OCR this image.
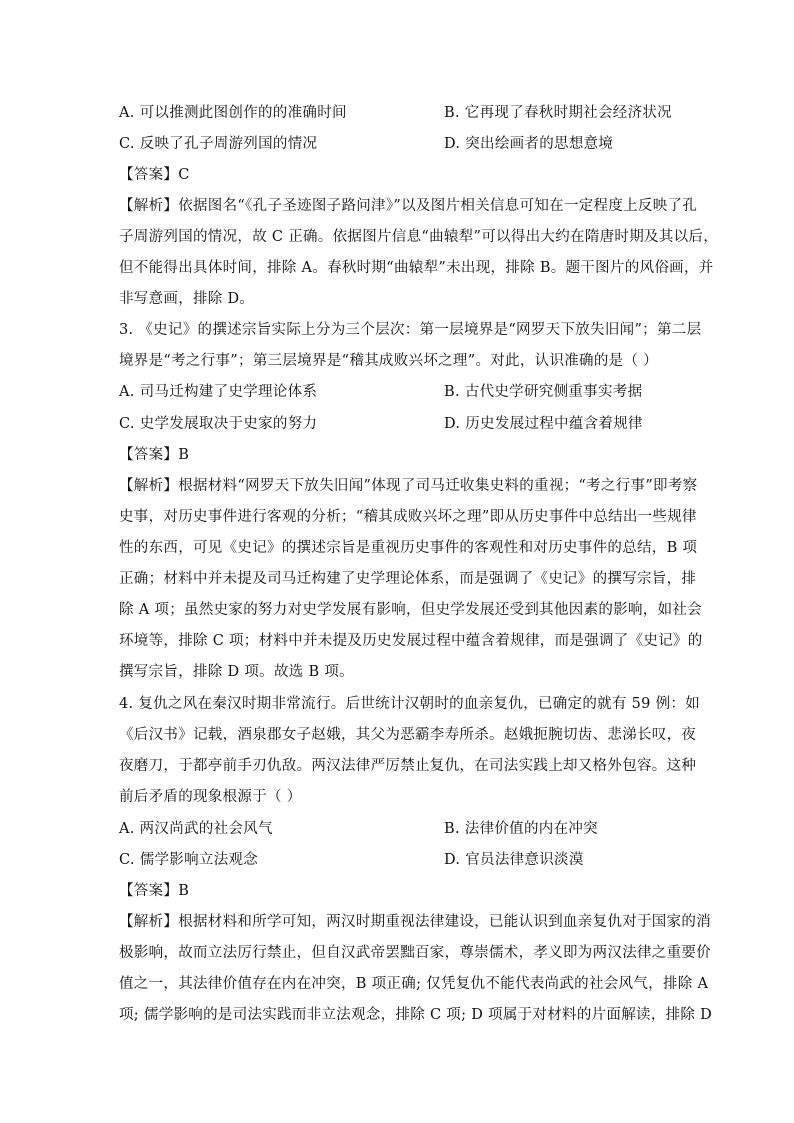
A. 可以推测此图创作的的准确时间	B. 它再现了春秋时期社会经济状况
C. 反映了孔子周游列国的情况	D. 突出绘画者的思想意境
【答案】C
【解析】依据图名“《孔子圣迹图子路问津》”以及图片相关信息可知在一定程度上反映了孔
子周游列国的情况，故 C 正确。依据图片信息“曲辕犁”可以得出大约在隋唐时期及其以后，
但不能得出具体时间，排除 A。春秋时期“曲辕犁”未出现，排除 B。题干图片的风俗画，并
非写意画，排除 D。
3. 《史记》的撰述宗旨实际上分为三个层次：第一层境界是“网罗天下放失旧闻”；第二层
境界是“考之行事”；第三层境界是“稽其成败兴坏之理”。对此，认识准确的是（ ）
A. 司马迁构建了史学理论体系	B. 古代史学研究侧重事实考据
C. 史学发展取决于史家的努力	D. 历史发展过程中蕴含着规律
【答案】B
【解析】根据材料“网罗天下放失旧闻”体现了司马迁收集史料的重视；“考之行事”即考察
史事，对历史事件进行客观的分析；“稽其成败兴坏之理”即从历史事件中总结出一些规律
性的东西，可见《史记》的撰述宗旨是重视历史事件的客观性和对历史事件的总结，B 项
正确；材料中并未提及司马迁构建了史学理论体系，而是强调了《史记》的撰写宗旨，排
除 A 项；虽然史家的努力对史学发展有影响，但史学发展还受到其他因素的影响，如社会
环境等，排除 C 项；材料中并未提及历史发展过程中蕴含着规律，而是强调了《史记》的
撰写宗旨，排除 D 项。故选 B 项。
4. 复仇之风在秦汉时期非常流行。后世统计汉朝时的血亲复仇，已确定的就有 59 例：如
《后汉书》记载，酒泉郡女子赵娥，其父为恶霸李寿所杀。赵娥扼腕切齿、悲涕长叹，夜
夜磨刀，于都亭前手刃仇敌。两汉法律严厉禁止复仇，在司法实践上却又格外包容。这种
前后矛盾的现象根源于（ ）
A. 两汉尚武的社会风气	B. 法律价值的内在冲突
C. 儒学影响立法观念	D. 官员法律意识淡漠
【答案】B
【解析】根据材料和所学可知，两汉时期重视法律建设，已能认识到血亲复仇对于国家的消
极影响，故而立法厉行禁止，但自汉武帝罢黜百家，尊崇儒术，孝义即为两汉法律之重要价
值之一，其法律价值存在内在冲突，B 项正确; 仅凭复仇不能代表尚武的社会风气，排除 A
项; 儒学影响的是司法实践而非立法观念，排除 C 项; D 项属于对材料的片面解读，排除 D
